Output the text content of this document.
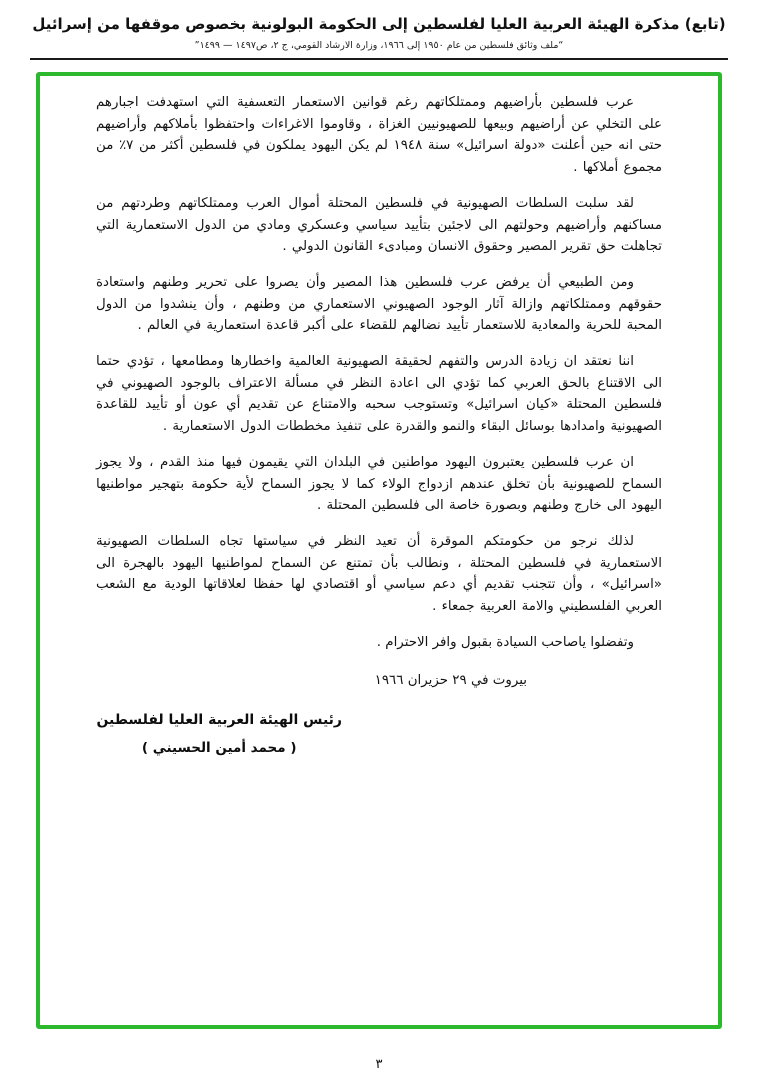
(تابع) مذكرة الهيئة العربية العليا لفلسطين إلى الحكومة البولونية بخصوص موقفها من إسرائيل
“ملف وثائق فلسطين من عام ١٩٥٠ إلى ١٩٦٦، وزارة الارشاد القومي، ج ٢، ص١٤٩٧ — ١٤٩٩”

عرب فلسطين بأراضيهم وممتلكاتهم رغم قوانين الاستعمار التعسفية التي استهدفت اجبارهم على التخلي عن أراضيهم وبيعها للصهيونيين الغزاة ، وقاوموا الاغراءات واحتفظوا بأملاكهم وأراضيهم حتى انه حين أعلنت «دولة اسرائيل» سنة ١٩٤٨ لم يكن اليهود يملكون في فلسطين أكثر من ٧٪ من مجموع أملاكها .

لقد سلبت السلطات الصهيونية في فلسطين المحتلة أموال العرب وممتلكاتهم وطردتهم من مساكنهم وأراضيهم وحولتهم الى لاجئين بتأييد سياسي وعسكري ومادي من الدول الاستعمارية التي تجاهلت حق تقرير المصير وحقوق الانسان ومبادىء القانون الدولي .

ومن الطبيعي أن يرفض عرب فلسطين هذا المصير وأن يصروا على تحرير وطنهم واستعادة حقوقهم وممتلكاتهم وازالة آثار الوجود الصهيوني الاستعماري من وطنهم ، وأن ينشدوا من الدول المحبة للحرية والمعادية للاستعمار تأييد نضالهم للقضاء على أكبر قاعدة استعمارية في العالم .

اننا نعتقد ان زيادة الدرس والتفهم لحقيقة الصهيونية العالمية واخطارها ومطامعها ، تؤدي حتما الى الاقتناع بالحق العربي كما تؤدي الى اعادة النظر في مسألة الاعتراف بالوجود الصهيوني في فلسطين المحتلة «كيان اسرائيل» وتستوجب سحبه والامتناع عن تقديم أي عون أو تأييد للقاعدة الصهيونية وامدادها بوسائل البقاء والنمو والقدرة على تنفيذ مخططات الدول الاستعمارية .

ان عرب فلسطين يعتبرون اليهود مواطنين في البلدان التي يقيمون فيها منذ القدم ، ولا يجوز السماح للصهيونية بأن تخلق عندهم ازدواج الولاء كما لا يجوز السماح لأية حكومة بتهجير مواطنيها اليهود الى خارج وطنهم وبصورة خاصة الى فلسطين المحتلة .

لذلك نرجو من حكومتكم الموقرة أن تعيد النظر في سياستها تجاه السلطات الصهيونية الاستعمارية في فلسطين المحتلة ، ونطالب بأن تمتنع عن السماح لمواطنيها اليهود بالهجرة الى «اسرائيل» ، وأن تتجنب تقديم أي دعم سياسي أو اقتصادي لها حفظا لعلاقاتها الودية مع الشعب العربي الفلسطيني والامة العربية جمعاء .

وتفضلوا ياصاحب السيادة بقبول وافر الاحترام .
بيروت في ٢٩ حزيران ١٩٦٦
رئيس الهيئة العربية العليا لفلسطين
( محمد أمين الحسيني )
٣
